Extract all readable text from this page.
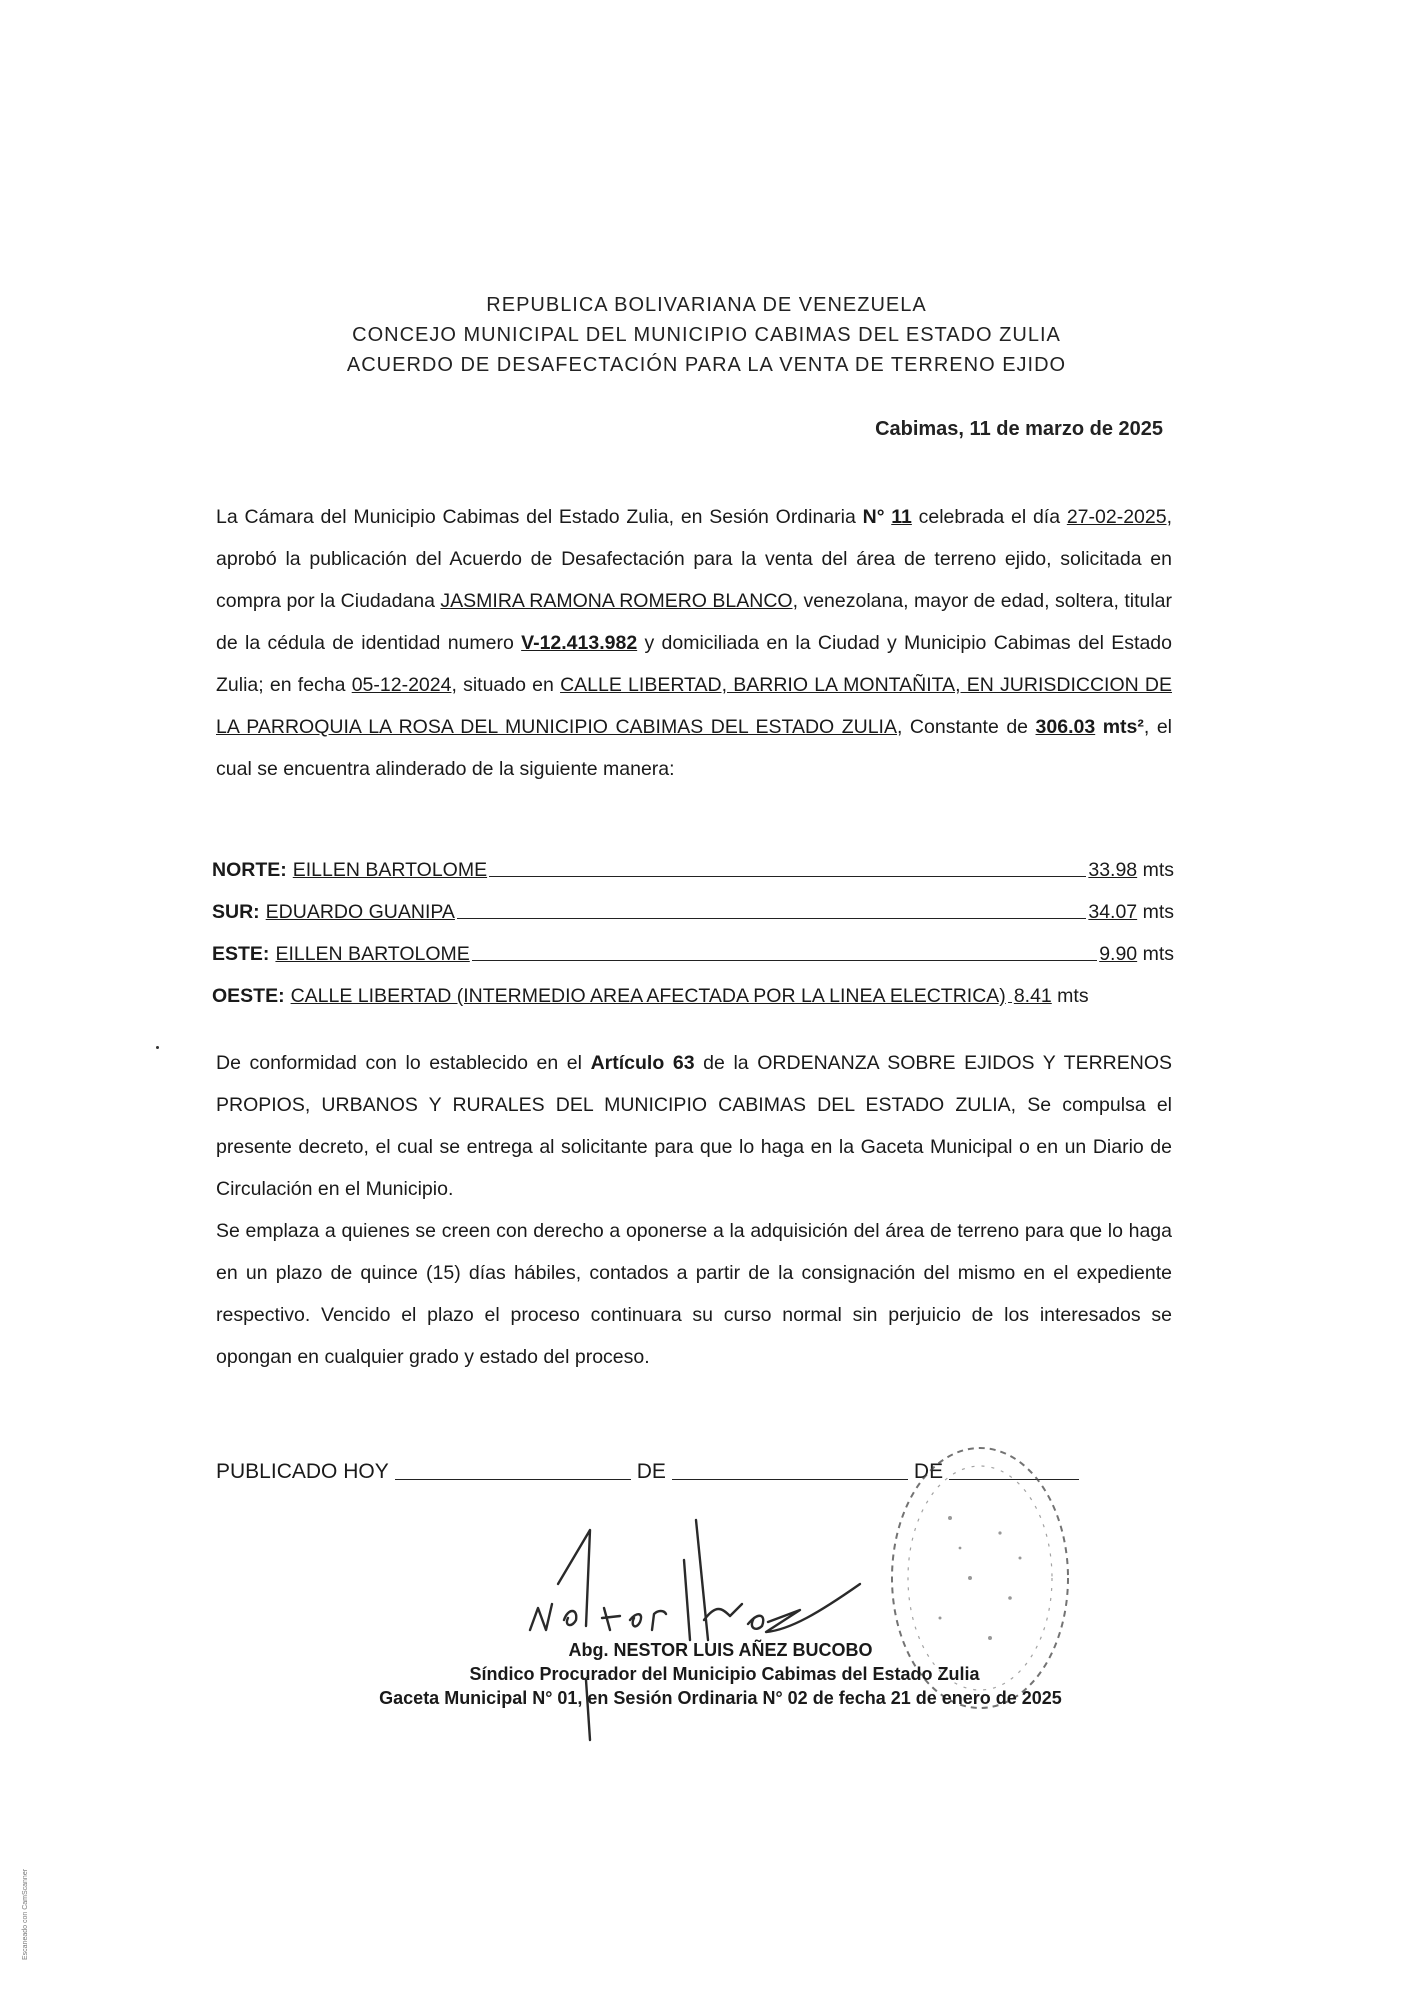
REPUBLICA BOLIVARIANA DE VENEZUELA
CONCEJO MUNICIPAL DEL MUNICIPIO CABIMAS DEL ESTADO ZULIA
ACUERDO DE DESAFECTACIÓN PARA LA VENTA DE TERRENO EJIDO
Cabimas, 11 de marzo de 2025
La Cámara del Municipio Cabimas del Estado Zulia, en Sesión Ordinaria N° 11 celebrada el día 27-02-2025, aprobó la publicación del Acuerdo de Desafectación para la venta del área de terreno ejido, solicitada en compra por la Ciudadana JASMIRA RAMONA ROMERO BLANCO, venezolana, mayor de edad, soltera, titular de la cédula de identidad numero V-12.413.982 y domiciliada en la Ciudad y Municipio Cabimas del Estado Zulia; en fecha 05-12-2024, situado en CALLE LIBERTAD, BARRIO LA MONTAÑITA, EN JURISDICCION DE LA PARROQUIA LA ROSA DEL MUNICIPIO CABIMAS DEL ESTADO ZULIA, Constante de 306.03 mts², el cual se encuentra alinderado de la siguiente manera:
NORTE: EILLEN BARTOLOME	33.98 mts
SUR: EDUARDO GUANIPA	34.07 mts
ESTE: EILLEN BARTOLOME	9.90 mts
OESTE: CALLE LIBERTAD (INTERMEDIO AREA AFECTADA POR LA LINEA ELECTRICA) 8.41 mts
De conformidad con lo establecido en el Artículo 63 de la ORDENANZA SOBRE EJIDOS Y TERRENOS PROPIOS, URBANOS Y RURALES DEL MUNICIPIO CABIMAS DEL ESTADO ZULIA, Se compulsa el presente decreto, el cual se entrega al solicitante para que lo haga en la Gaceta Municipal o en un Diario de Circulación en el Municipio.
Se emplaza a quienes se creen con derecho a oponerse a la adquisición del área de terreno para que lo haga en un plazo de quince (15) días hábiles, contados a partir de la consignación del mismo en el expediente respectivo. Vencido el plazo el proceso continuara su curso normal sin perjuicio de los interesados se opongan en cualquier grado y estado del proceso.
PUBLICADO HOY	DE	DE
Abg. NESTOR LUIS AÑEZ BUCOBO
Síndico Procurador del Municipio Cabimas del Estado Zulia
Gaceta Municipal N° 01, en Sesión Ordinaria N° 02 de fecha 21 de enero de 2025
Escaneado con CamScanner
